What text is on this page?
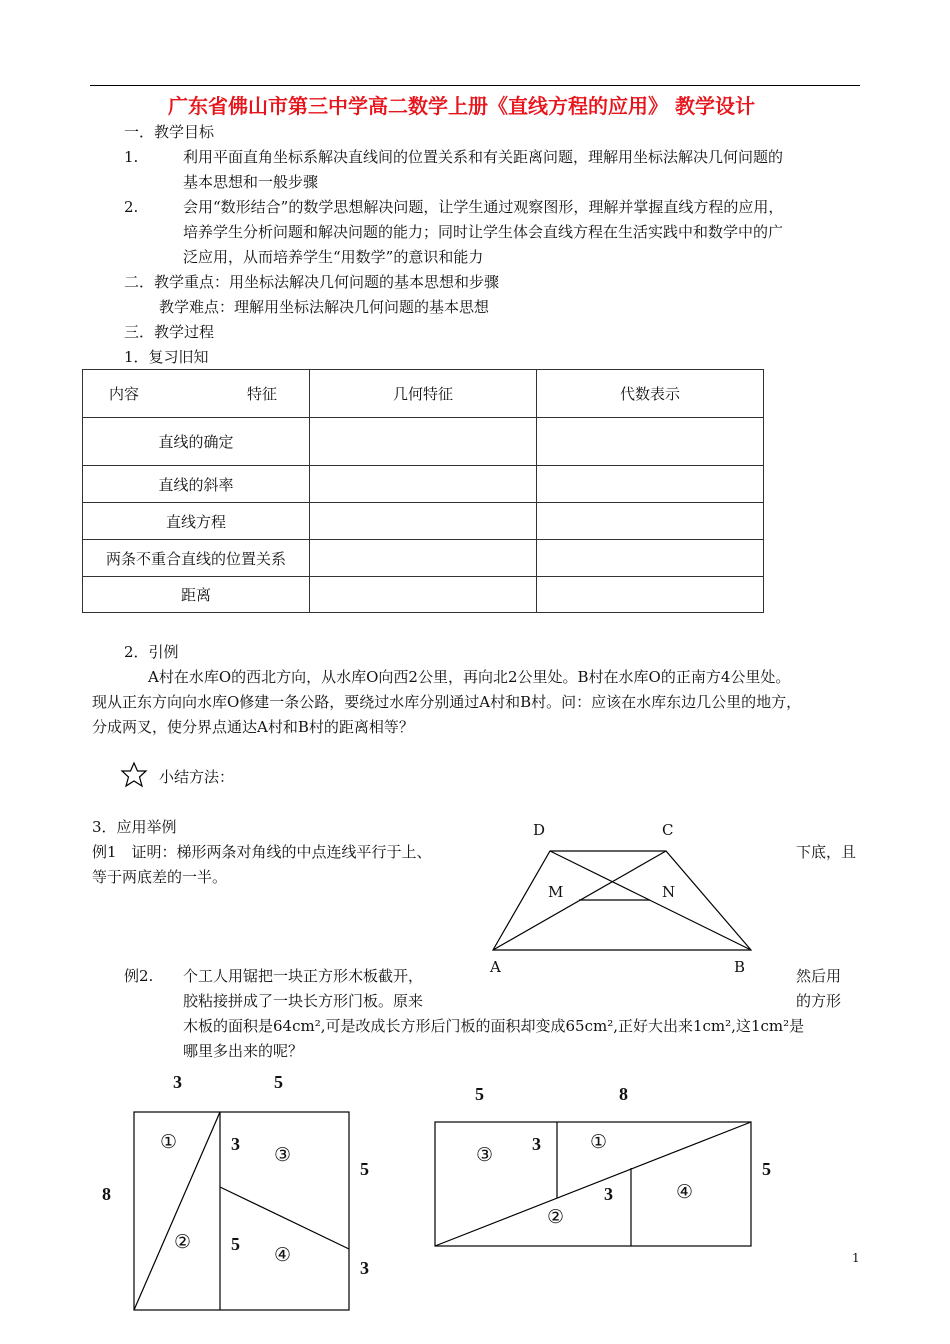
广东省佛山市第三中学高二数学上册《直线方程的应用》 教学设计
一．教学目标
1.	利用平面直角坐标系解决直线间的位置关系和有关距离问题，理解用坐标法解决几何问题的
基本思想和一般步骤
2.	会用“数形结合”的数学思想解决问题，让学生通过观察图形，理解并掌握直线方程的应用，
培养学生分析问题和解决问题的能力；同时让学生体会直线方程在生活实践中和数学中的广
泛应用，从而培养学生“用数学”的意识和能力
二．教学重点：用坐标法解决几何问题的基本思想和步骤
教学难点：理解用坐标法解决几何问题的基本思想
三．教学过程
1．复习旧知
内容 特征	几何特征	代数表示
直线的确定		
直线的斜率		
直线方程		
两条不重合直线的位置关系		
距离		
2．引例
A村在水库O的西北方向，从水库O向西2公里，再向北2公里处。B村在水库O的正南方4公里处。
现从正东方向向水库O修建一条公路，要绕过水库分别通过A村和B村。问：应该在水库东边几公里的地方，
分成两叉，使分界点通达A村和B村的距离相等？
小结方法：
3．应用举例
例1　证明：梯形两条对角线的中点连线平行于上、	下底，且
等于两底差的一半。
例2. 个工人用锯把一块正方形木板截开，	然后用
胶粘接拼成了一块长方形门板。原来	的方形
木板的面积是64cm²,可是改成长方形后门板的面积却变成65cm²,正好大出来1cm²,这1cm²是
哪里多出来的呢？
D	C
M	N
A	B
3	5
8
5
3
3
5
①
②
③
④
5	8
5
3
3
①
②
③
④
1
